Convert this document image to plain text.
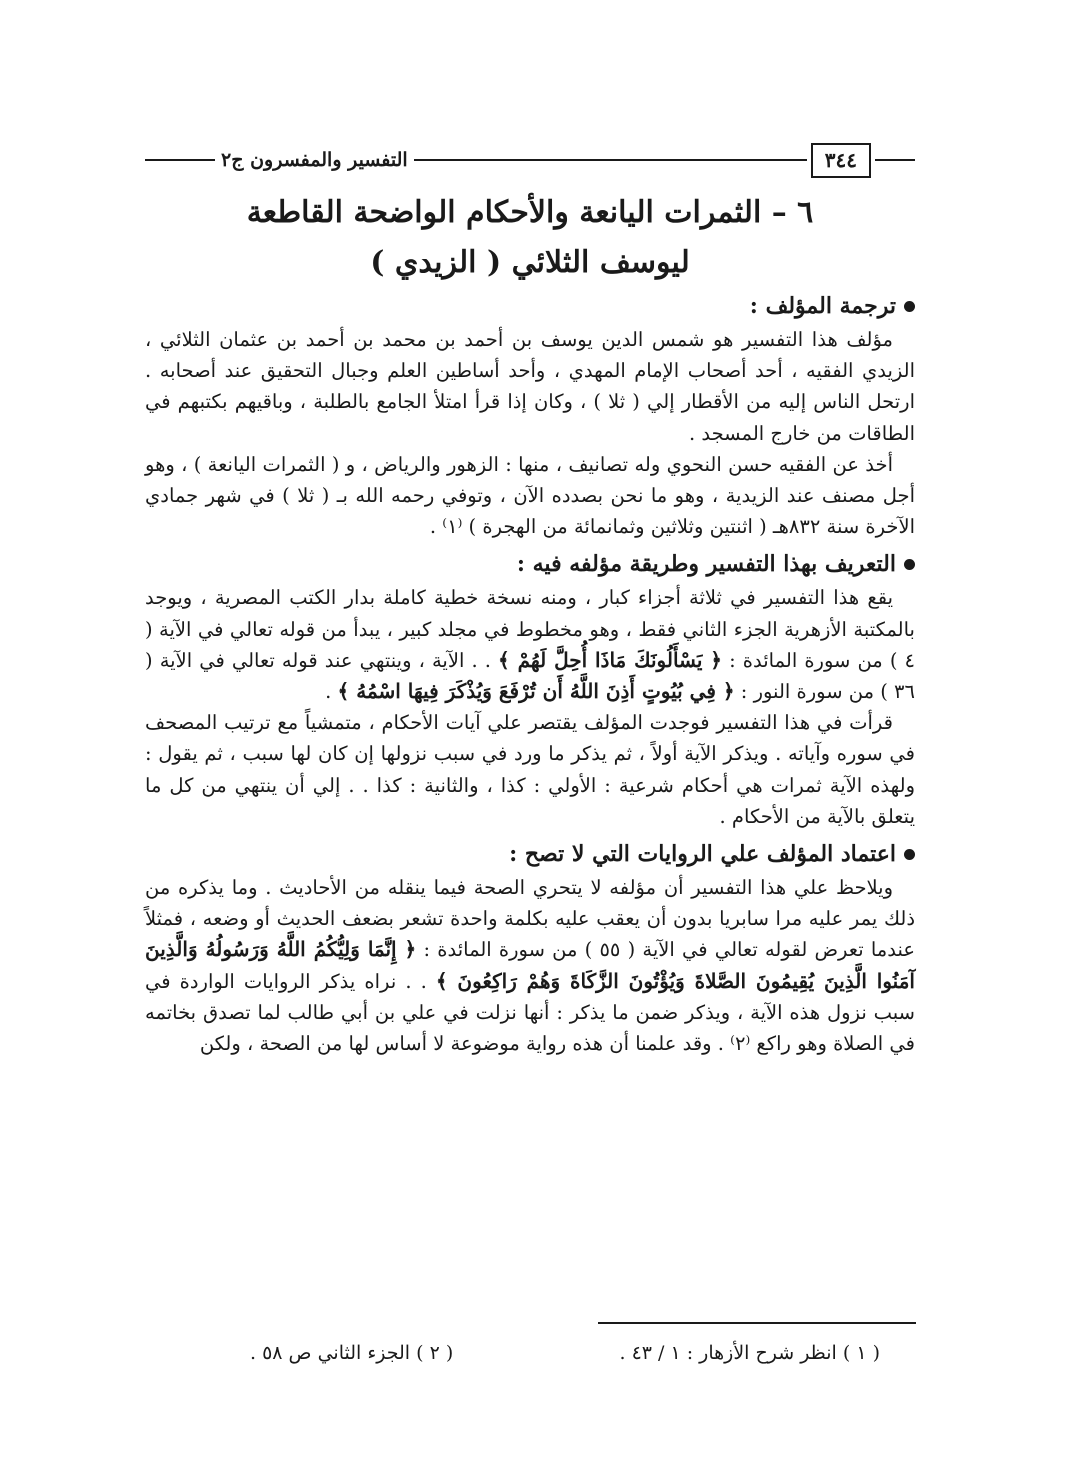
٣٤٤
التفسير والمفسرون ج٢
٦ – الثمرات اليانعة والأحكام الواضحة القاطعة
ليوسف الثلائي ( الزيدي )
ترجمة المؤلف :

مؤلف هذا التفسير هو شمس الدين يوسف بن أحمد بن محمد بن أحمد بن عثمان الثلائي ، الزيدي الفقيه ، أحد أصحاب الإمام المهدي ، وأحد أساطين العلم وجبال التحقيق عند أصحابه . ارتحل الناس إليه من الأقطار إلي ( ثلا ) ، وكان إذا قرأ امتلأ الجامع بالطلبة ، وباقيهم بكتبهم في الطاقات من خارج المسجد .

أخذ عن الفقيه حسن النحوي وله تصانيف ، منها : الزهور والرياض ، و ( الثمرات اليانعة ) ، وهو أجل مصنف عند الزيدية ، وهو ما نحن بصدده الآن ، وتوفي رحمه الله بـ ( ثلا ) في شهر جمادي الآخرة سنة ٨٣٢هـ ( اثنتين وثلاثين وثمانمائة من الهجرة ) ⁽١⁾ .

التعريف بهذا التفسير وطريقة مؤلفه فيه :

يقع هذا التفسير في ثلاثة أجزاء كبار ، ومنه نسخة خطية كاملة بدار الكتب المصرية ، ويوجد بالمكتبة الأزهرية الجزء الثاني فقط ، وهو مخطوط في مجلد كبير ، يبدأ من قوله تعالي في الآية ( ٤ ) من سورة المائدة : ﴿ يَسْأَلُونَكَ مَاذَا أُحِلَّ لَهُمْ ﴾ . . الآية ، وينتهي عند قوله تعالي في الآية ( ٣٦ ) من سورة النور : ﴿ فِي بُيُوتٍ أَذِنَ اللَّهُ أَن تُرْفَعَ وَيُذْكَرَ فِيهَا اسْمُهُ ﴾ .

قرأت في هذا التفسير فوجدت المؤلف يقتصر علي آيات الأحكام ، متمشياً مع ترتيب المصحف في سوره وآياته . ويذكر الآية أولاً ، ثم يذكر ما ورد في سبب نزولها إن كان لها سبب ، ثم يقول : ولهذه الآية ثمرات هي أحكام شرعية : الأولي : كذا ، والثانية : كذا . . إلي أن ينتهي من كل ما يتعلق بالآية من الأحكام .

اعتماد المؤلف علي الروايات التي لا تصح :

ويلاحظ علي هذا التفسير أن مؤلفه لا يتحري الصحة فيما ينقله من الأحاديث . وما يذكره من ذلك يمر عليه مرا سابريا بدون أن يعقب عليه بكلمة واحدة تشعر بضعف الحديث أو وضعه ، فمثلاً عندما تعرض لقوله تعالي في الآية ( ٥٥ ) من سورة المائدة : ﴿ إِنَّمَا وَلِيُّكُمُ اللَّهُ وَرَسُولُهُ وَالَّذِينَ آمَنُوا الَّذِينَ يُقِيمُونَ الصَّلاةَ وَيُؤْتُونَ الزَّكَاةَ وَهُمْ رَاكِعُونَ ﴾ . . نراه يذكر الروايات الواردة في سبب نزول هذه الآية ، ويذكر ضمن ما يذكر : أنها نزلت في علي بن أبي طالب لما تصدق بخاتمه في الصلاة وهو راكع ⁽٢⁾ . وقد علمنا أن هذه رواية موضوعة لا أساس لها من الصحة ، ولكن

( ١ ) انظر شرح الأزهار : ١ / ٤٣ .
( ٢ ) الجزء الثاني ص ٥٨ .
